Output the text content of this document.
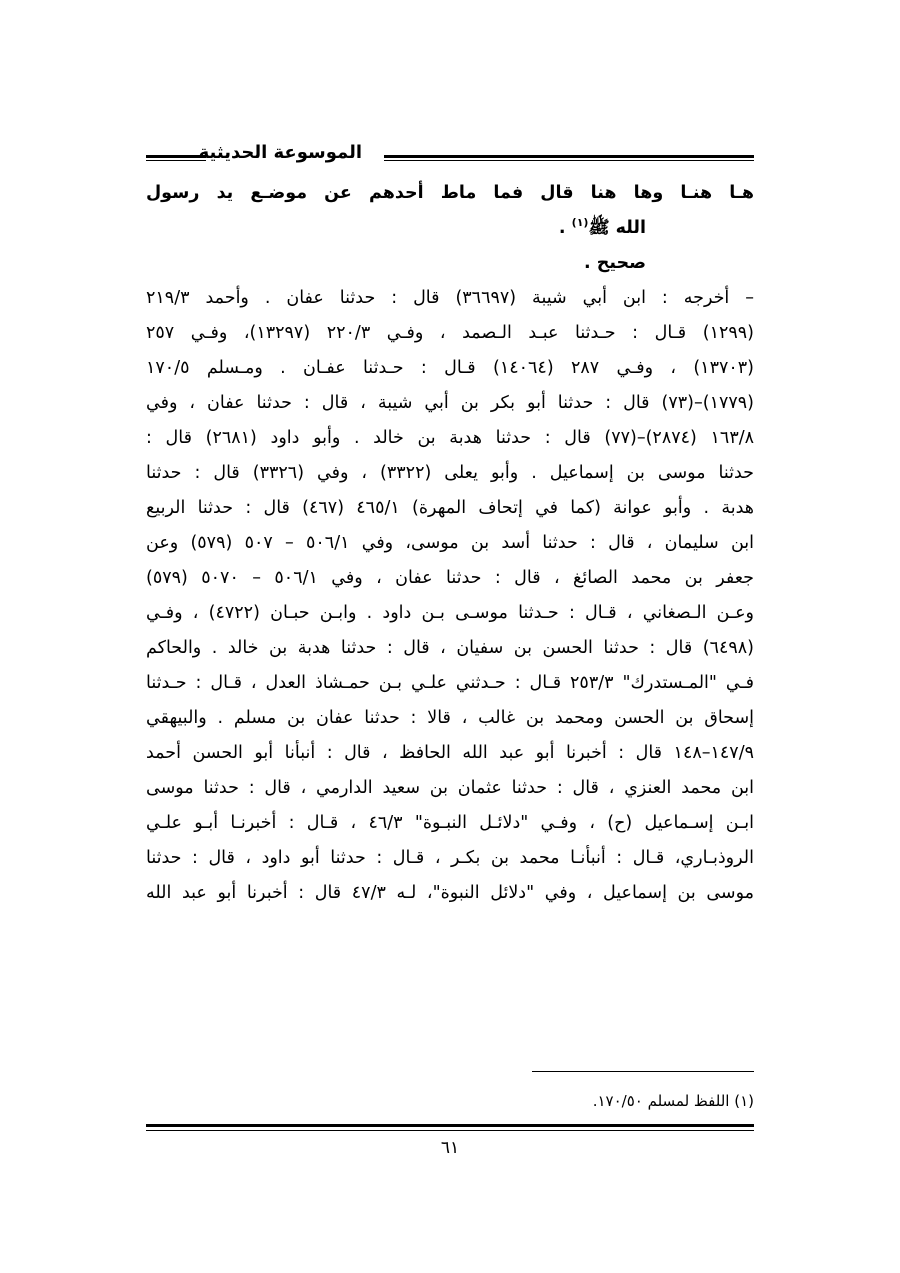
الموسوعة الحديثية
هـا هنـا وها هنا قال فما ماط أحدهم عن موضـع يد رسول
الله ﷺ$^{(١)}$ .
صحيح .
– أخرجه : ابن أبي شيبة (٣٦٦٩٧) قال : حدثنا عفان . وأحمد ٢١٩/٣
(١٢٩٩) قـال : حـدثنا عبـد الـصمد ، وفـي ٢٢٠/٣ (١٣٢٩٧)، وفـي ٢٥٧
(١٣٧٠٣) ، وفـي ٢٨٧ (١٤٠٦٤) قـال : حـدثنا عفـان . ومـسلم ١٧٠/٥
(١٧٧٩)–(٧٣) قال : حدثنا أبو بكر بن أبي شيبة ، قال : حدثنا عفان ، وفي
١٦٣/٨ (٢٨٧٤)–(٧٧) قال : حدثنا هدبة بن خالد . وأبو داود (٢٦٨١) قال :
حدثنا موسى بن إسماعيل . وأبو يعلى (٣٣٢٢) ، وفي (٣٣٢٦) قال : حدثنا
هدبة . وأبو عوانة (كما في إتحاف المهرة) ٤٦٥/١ (٤٦٧) قال : حدثنا الربيع
ابن سليمان ، قال : حدثنا أسد بن موسى، وفي ٥٠٦/١ – ٥٠٧ (٥٧٩) وعن
جعفر بن محمد الصائغ ، قال : حدثنا عفان ، وفي ٥٠٦/١ – ٥٠٧٠ (٥٧٩)
وعـن الـصغاني ، قـال : حـدثنا موسـى بـن داود . وابـن حبـان (٤٧٢٢) ، وفـي
(٦٤٩٨) قال : حدثنا الحسن بن سفيان ، قال : حدثنا هدبة بن خالد . والحاكم
فـي "المـستدرك" ٢٥٣/٣ قـال : حـدثني علـي بـن حمـشاذ العدل ، قـال : حـدثنا
إسحاق بن الحسن ومحمد بن غالب ، قالا : حدثنا عفان بن مسلم . والبيهقي
١٤٧/٩–١٤٨ قال : أخبرنا أبو عبد الله الحافظ ، قال : أنبأنا أبو الحسن أحمد
ابن محمد العنزي ، قال : حدثنا عثمان بن سعيد الدارمي ، قال : حدثنا موسى
ابـن إسـماعيل (ح) ، وفـي "دلائـل النبـوة" ٤٦/٣ ، قـال : أخبرنـا أبـو علـي
الروذبـاري، قـال : أنبأنـا محمد بن بكـر ، قـال : حدثنا أبو داود ، قال : حدثنا
موسى بن إسماعيل ، وفي "دلائل النبوة"، لـه ٤٧/٣ قال : أخبرنا أبو عبد الله
(١) اللفظ لمسلم ١٧٠/٥٠.
٦١
